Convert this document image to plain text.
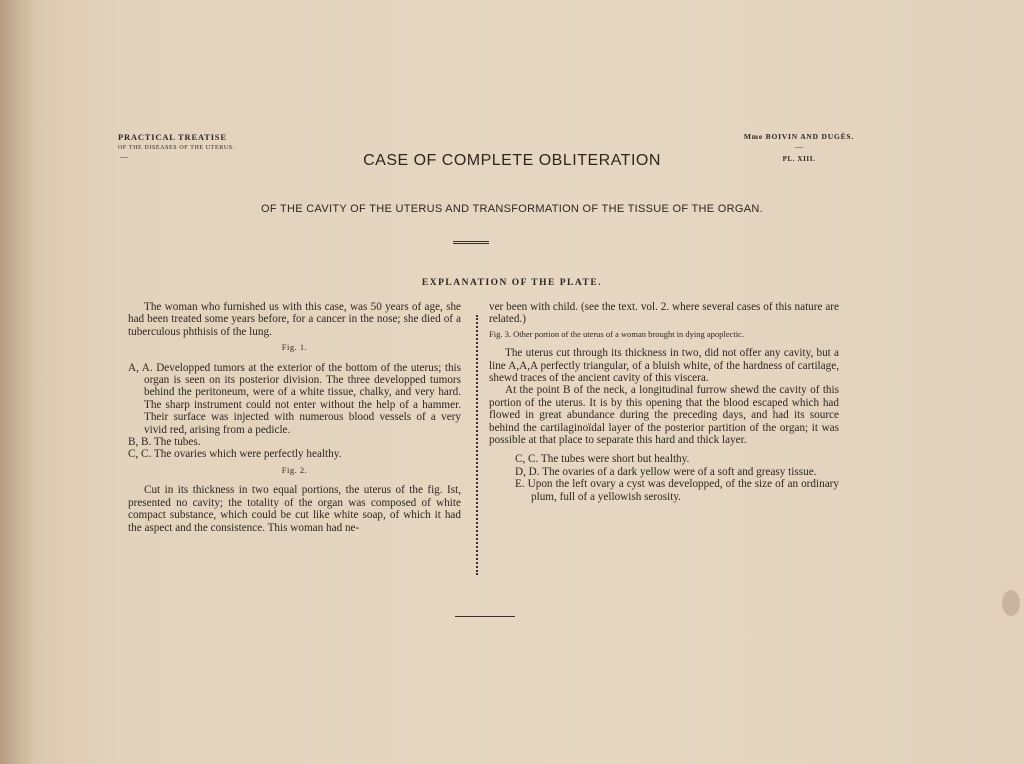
PRACTICAL TREATISE
OF THE DISEASES OF THE UTERUS.
—
Mme BOIVIN AND DUGÈS.
—
PL. XIII.
CASE OF COMPLETE OBLITERATION
OF THE CAVITY OF THE UTERUS AND TRANSFORMATION OF THE TISSUE OF THE ORGAN.
EXPLANATION OF THE PLATE.

The woman who furnished us with this case, was 50 years of age, she had been treated some years before, for a cancer in the nose; she died of a tuberculous phthisis of the lung.

Fig. 1.

A, A. Developped tumors at the exterior of the bottom of the uterus; this organ is seen on its posterior division. The three developped tumors behind the peritoneum, were of a white tissue, chalky, and very hard. The sharp instrument could not enter without the help of a hammer. Their surface was injected with numerous blood vessels of a very vivid red, arising from a pedicle.

B, B. The tubes.

C, C. The ovaries which were perfectly healthy.

Fig. 2.

Cut in its thickness in two equal portions, the uterus of the fig. Ist, presented no cavity; the totality of the organ was composed of white compact substance, which could be cut like white soap, of which it had the aspect and the consistence. This woman had ne-

ver been with child. (see the text. vol. 2. where several cases of this nature are related.)

Fig. 3. Other portion of the uterus of a woman brought in dying apoplectic.

The uterus cut through its thickness in two, did not offer any cavity, but a line A,A,A perfectly triangular, of a bluish white, of the hardness of cartilage, shewd traces of the ancient cavity of this viscera.

At the point B of the neck, a longitudinal furrow shewd the cavity of this portion of the uterus. It is by this opening that the blood escaped which had flowed in great abundance during the preceding days, and had its source behind the cartilaginoïdal layer of the posterior partition of the organ; it was possible at that place to separate this hard and thick layer.

C, C. The tubes were short but healthy.

D, D. The ovaries of a dark yellow were of a soft and greasy tissue.

E. Upon the left ovary a cyst was developped, of the size of an ordinary plum, full of a yellowish serosity.
